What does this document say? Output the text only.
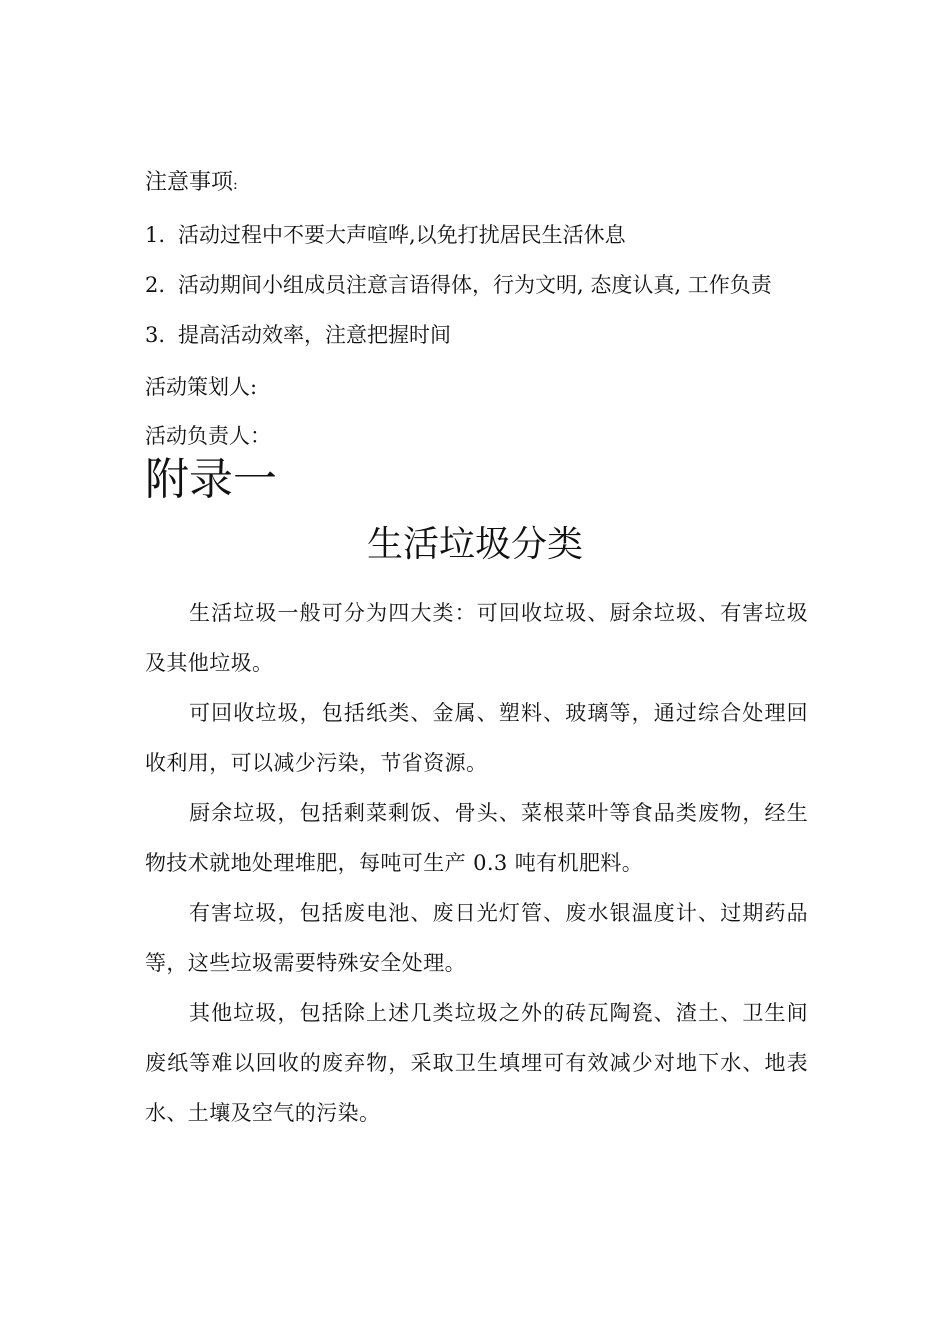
注意事项:
1. 活动过程中不要大声喧哗,以免打扰居民生活休息
2. 活动期间小组成员注意言语得体，行为文明, 态度认真, 工作负责
3. 提高活动效率，注意把握时间
活动策划人:
活动负责人：
附录一
生活垃圾分类

生活垃圾一般可分为四大类：可回收垃圾、厨余垃圾、有害垃圾及其他垃圾。

可回收垃圾，包括纸类、金属、塑料、玻璃等，通过综合处理回收利用，可以减少污染，节省资源。

厨余垃圾，包括剩菜剩饭、骨头、菜根菜叶等食品类废物，经生物技术就地处理堆肥，每吨可生产 0.3 吨有机肥料。

有害垃圾，包括废电池、废日光灯管、废水银温度计、过期药品等，这些垃圾需要特殊安全处理。

其他垃圾，包括除上述几类垃圾之外的砖瓦陶瓷、渣土、卫生间废纸等难以回收的废弃物，采取卫生填埋可有效减少对地下水、地表水、土壤及空气的污染。
